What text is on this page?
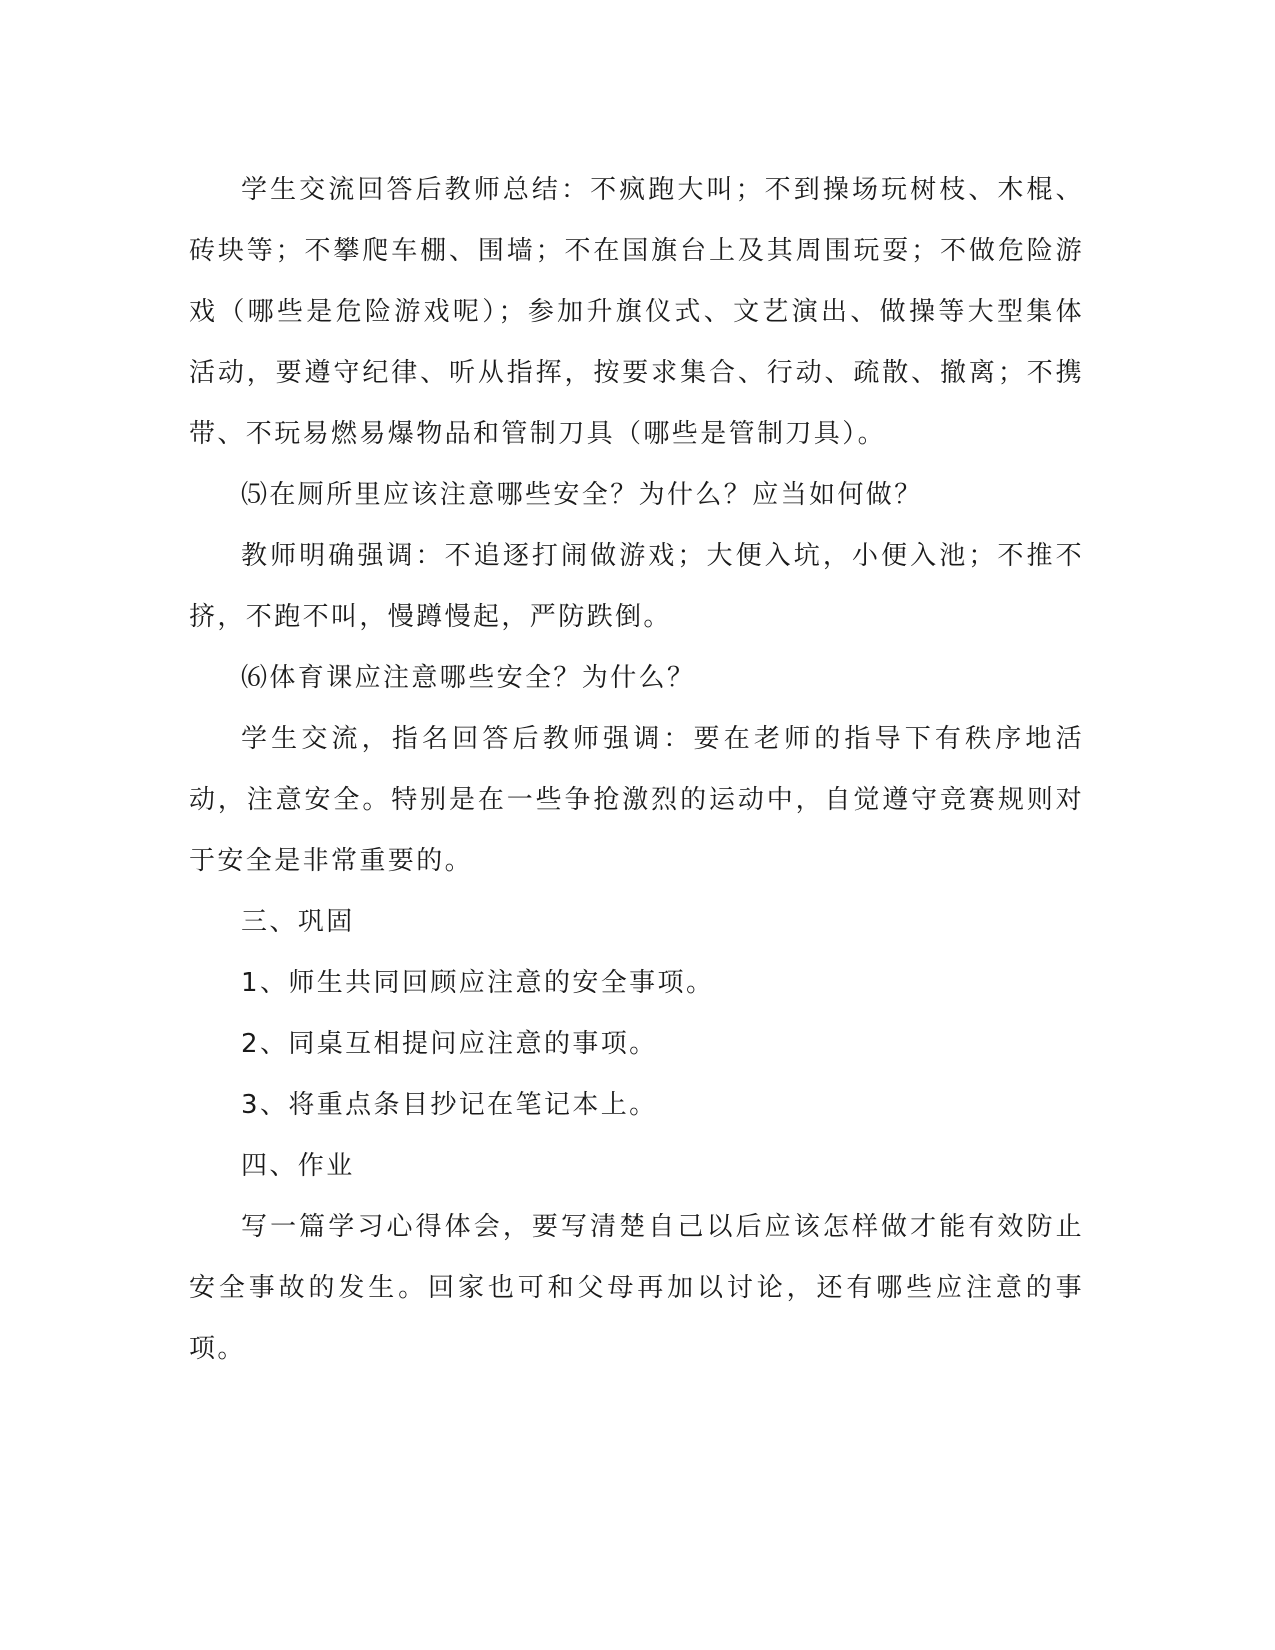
学生交流回答后教师总结：不疯跑大叫；不到操场玩树枝、木棍、砖块等；不攀爬车棚、围墙；不在国旗台上及其周围玩耍；不做危险游戏（哪些是危险游戏呢）；参加升旗仪式、文艺演出、做操等大型集体活动，要遵守纪律、听从指挥，按要求集合、行动、疏散、撤离；不携带、不玩易燃易爆物品和管制刀具（哪些是管制刀具）。

⑸在厕所里应该注意哪些安全？为什么？应当如何做？

教师明确强调：不追逐打闹做游戏；大便入坑，小便入池；不推不挤，不跑不叫，慢蹲慢起，严防跌倒。

⑹体育课应注意哪些安全？为什么？

学生交流，指名回答后教师强调：要在老师的指导下有秩序地活动，注意安全。特别是在一些争抢激烈的运动中，自觉遵守竞赛规则对于安全是非常重要的。

三、巩固

1、师生共同回顾应注意的安全事项。

2、同桌互相提问应注意的事项。

3、将重点条目抄记在笔记本上。

四、作业

写一篇学习心得体会，要写清楚自己以后应该怎样做才能有效防止安全事故的发生。回家也可和父母再加以讨论，还有哪些应注意的事项。
